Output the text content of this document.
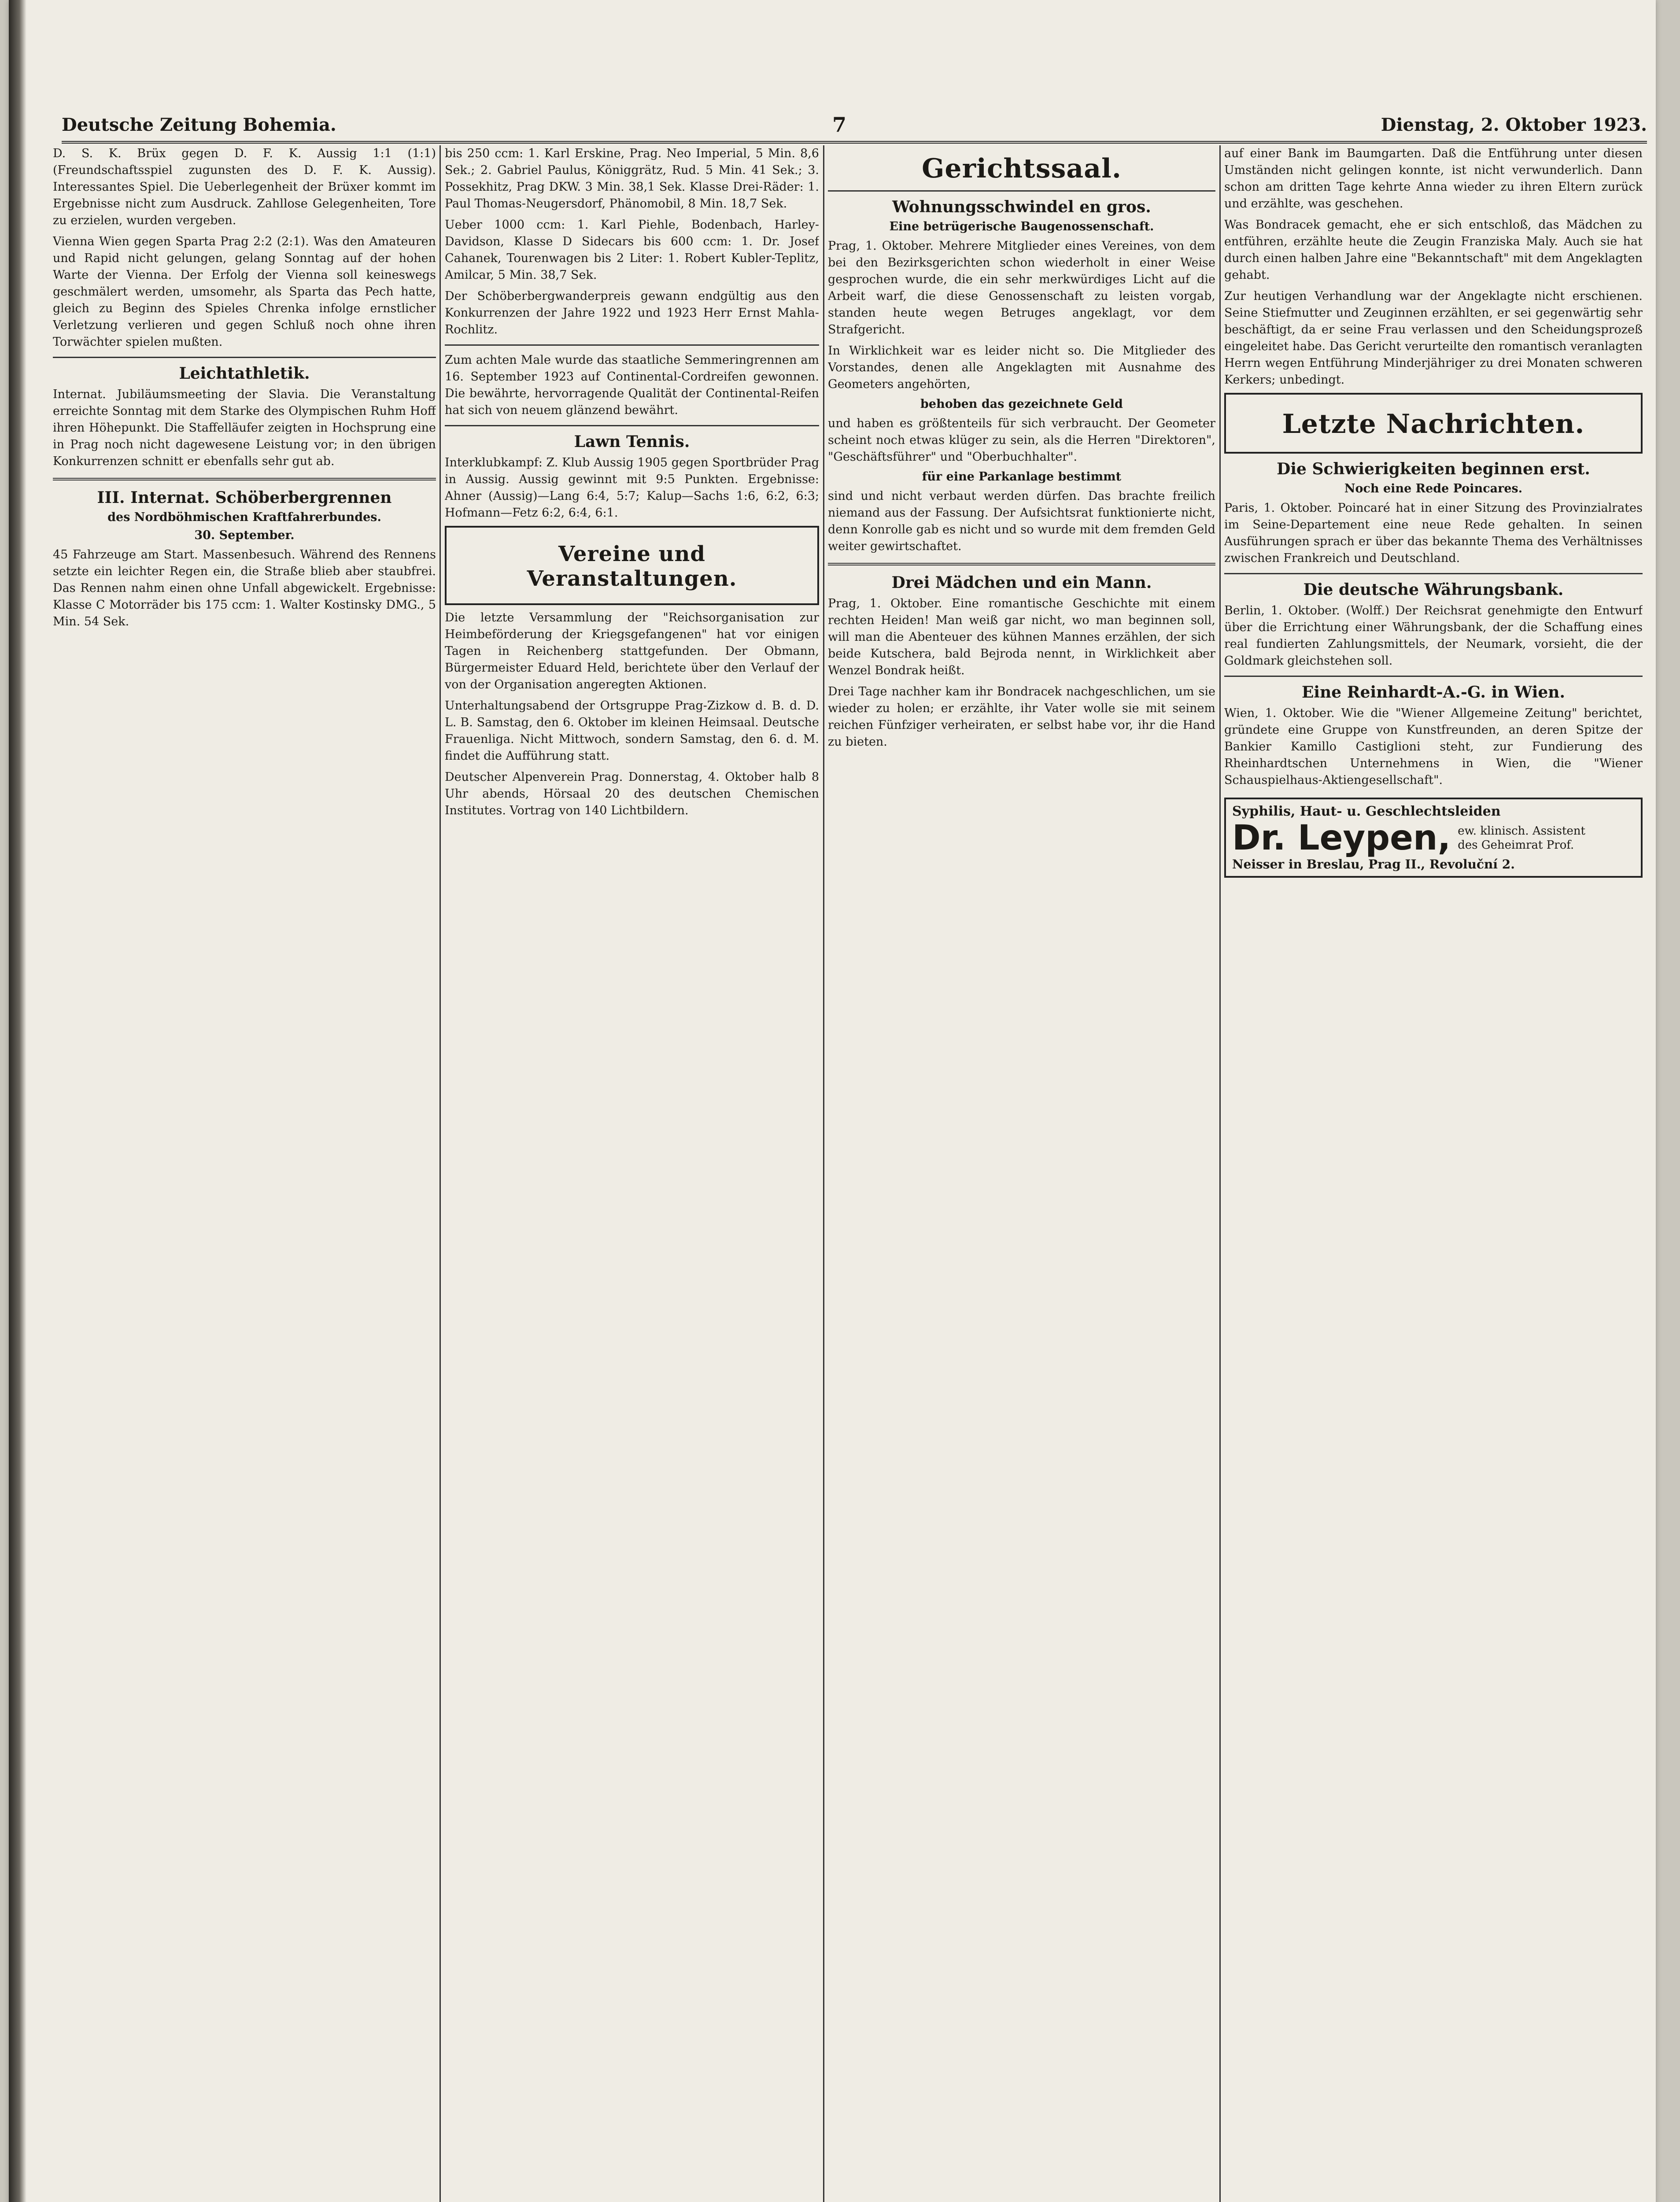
Deutsche Zeitung Bohemia.	7	Dienstag, 2. Oktober 1923.

D. S. K. Brüx gegen D. F. K. Aussig 1:1 (1:1) (Freundschaftsspiel zugunsten des D. F. K. Aussig). Interessantes Spiel. Die Ueberlegenheit der Brüxer kommt im Ergebnisse nicht zum Ausdruck. Zahllose Gelegenheiten, Tore zu erzielen, wurden vergeben.

Vienna Wien gegen Sparta Prag 2:2 (2:1). Was den Amateuren und Rapid nicht gelungen, gelang Sonntag auf der hohen Warte der Vienna. Der Erfolg der Vienna soll keineswegs geschmälert werden, umsomehr, als Sparta das Pech hatte, gleich zu Beginn des Spieles Chrenka infolge ernstlicher Verletzung verlieren und gegen Schluß noch ohne ihren Torwächter spielen mußten.

Leichtathletik.

Internat. Jubiläumsmeeting der Slavia. Die Veranstaltung erreichte Sonntag mit dem Starke des Olympischen Ruhm Hoff ihren Höhepunkt. Die Staffelläufer zeigten in Hochsprung eine in Prag noch nicht dagewesene Leistung vor; in den übrigen Konkurrenzen schnitt er ebenfalls sehr gut ab.

III. Internat. Schöberbergrennen
des Nordböhmischen Kraftfahrerbundes.
30. September.

45 Fahrzeuge am Start. Massenbesuch. Während des Rennens setzte ein leichter Regen ein, die Straße blieb aber staubfrei. Das Rennen nahm einen ohne Unfall abgewickelt. Ergebnisse: Klasse C Motorräder bis 175 ccm: 1. Walter Kostinsky DMG., 5 Min. 54 Sek.

bis 250 ccm: 1. Karl Erskine, Prag. Neo Imperial, 5 Min. 8,6 Sek.; 2. Gabriel Paulus, Königgrätz, Rud. 5 Min. 41 Sek.; 3. Possekhitz, Prag DKW. 3 Min. 38,1 Sek. Klasse Drei-Räder: 1. Paul Thomas-Neugersdorf, Phänomobil, 8 Min. 18,7 Sek.

Ueber 1000 ccm: 1. Karl Piehle, Bodenbach, Harley-Davidson, Klasse D Sidecars bis 600 ccm: 1. Dr. Josef Cahanek, Tourenwagen bis 2 Liter: 1. Robert Kubler-Teplitz, Amilcar, 5 Min. 38,7 Sek.

Der Schöberbergwanderpreis gewann endgültig aus den Konkurrenzen der Jahre 1922 und 1923 Herr Ernst Mahla-Rochlitz.

Zum achten Male wurde das staatliche Semmeringrennen am 16. September 1923 auf Continental-Cordreifen gewonnen. Die bewährte, hervorragende Qualität der Continental-Reifen hat sich von neuem glänzend bewährt.

Lawn Tennis.

Interklubkampf: Z. Klub Aussig 1905 gegen Sportbrüder Prag in Aussig. Aussig gewinnt mit 9:5 Punkten. Ergebnisse: Ahner (Aussig)—Lang 6:4, 5:7; Kalup—Sachs 1:6, 6:2, 6:3; Hofmann—Fetz 6:2, 6:4, 6:1.

Vereine und Veranstaltungen.

Die letzte Versammlung der "Reichsorganisation zur Heimbeförderung der Kriegsgefangenen" hat vor einigen Tagen in Reichenberg stattgefunden. Der Obmann, Bürgermeister Eduard Held, berichtete über den Verlauf der von der Organisation angeregten Aktionen.

Unterhaltungsabend der Ortsgruppe Prag-Zizkow d. B. d. D. L. B. Samstag, den 6. Oktober im kleinen Heimsaal. Deutsche Frauenliga. Nicht Mittwoch, sondern Samstag, den 6. d. M. findet die Aufführung statt.

Deutscher Alpenverein Prag. Donnerstag, 4. Oktober halb 8 Uhr abends, Hörsaal 20 des deutschen Chemischen Institutes. Vortrag von 140 Lichtbildern.

Gerichtssaal.
Wohnungsschwindel en gros.
Eine betrügerische Baugenossenschaft.

Prag, 1. Oktober. Mehrere Mitglieder eines Vereines, von dem bei den Bezirksgerichten schon wiederholt in einer Weise gesprochen wurde, die ein sehr merkwürdiges Licht auf die Arbeit warf, die diese Genossenschaft zu leisten vorgab, standen heute wegen Betruges angeklagt, vor dem Strafgericht.

In Wirklichkeit war es leider nicht so. Die Mitglieder des Vorstandes, denen alle Angeklagten mit Ausnahme des Geometers angehörten,

behoben das gezeichnete Geld

und haben es größtenteils für sich verbraucht. Der Geometer scheint noch etwas klüger zu sein, als die Herren "Direktoren", "Geschäftsführer" und "Oberbuchhalter".

für eine Parkanlage bestimmt

sind und nicht verbaut werden dürfen. Das brachte freilich niemand aus der Fassung. Der Aufsichtsrat funktionierte nicht, denn Konrolle gab es nicht und so wurde mit dem fremden Geld weiter gewirtschaftet.

Drei Mädchen und ein Mann.

Prag, 1. Oktober. Eine romantische Geschichte mit einem rechten Heiden! Man weiß gar nicht, wo man beginnen soll, will man die Abenteuer des kühnen Mannes erzählen, der sich beide Kutschera, bald Bejroda nennt, in Wirklichkeit aber Wenzel Bondrak heißt.

Drei Tage nachher kam ihr Bondracek nachgeschlichen, um sie wieder zu holen; er erzählte, ihr Vater wolle sie mit seinem reichen Fünfziger verheiraten, er selbst habe vor, ihr die Hand zu bieten.

auf einer Bank im Baumgarten. Daß die Entführung unter diesen Umständen nicht gelingen konnte, ist nicht verwunderlich. Dann schon am dritten Tage kehrte Anna wieder zu ihren Eltern zurück und erzählte, was geschehen.

Was Bondracek gemacht, ehe er sich entschloß, das Mädchen zu entführen, erzählte heute die Zeugin Franziska Maly. Auch sie hat durch einen halben Jahre eine "Bekanntschaft" mit dem Angeklagten gehabt.

Zur heutigen Verhandlung war der Angeklagte nicht erschienen. Seine Stiefmutter und Zeuginnen erzählten, er sei gegenwärtig sehr beschäftigt, da er seine Frau verlassen und den Scheidungsprozeß eingeleitet habe. Das Gericht verurteilte den romantisch veranlagten Herrn wegen Entführung Minderjähriger zu drei Monaten schweren Kerkers; unbedingt.

Letzte Nachrichten.
Die Schwierigkeiten beginnen erst.
Noch eine Rede Poincares.

Paris, 1. Oktober. Poincaré hat in einer Sitzung des Provinzialrates im Seine-Departement eine neue Rede gehalten. In seinen Ausführungen sprach er über das bekannte Thema des Verhältnisses zwischen Frankreich und Deutschland.

Die deutsche Währungsbank.

Berlin, 1. Oktober. (Wolff.) Der Reichsrat genehmigte den Entwurf über die Errichtung einer Währungsbank, der die Schaffung eines real fundierten Zahlungsmittels, der Neumark, vorsieht, die der Goldmark gleichstehen soll.

Eine Reinhardt-A.-G. in Wien.

Wien, 1. Oktober. Wie die "Wiener Allgemeine Zeitung" berichtet, gründete eine Gruppe von Kunstfreunden, an deren Spitze der Bankier Kamillo Castiglioni steht, zur Fundierung des Rheinhardtschen Unternehmens in Wien, die "Wiener Schauspielhaus-Aktiengesellschaft".

Syphilis, Haut- u. Geschlechtsleiden
Dr. Leypen, ew. klinisch. Assistent
des Geheimrat Prof.
Neisser in Breslau, Prag II., Revoluční 2.
